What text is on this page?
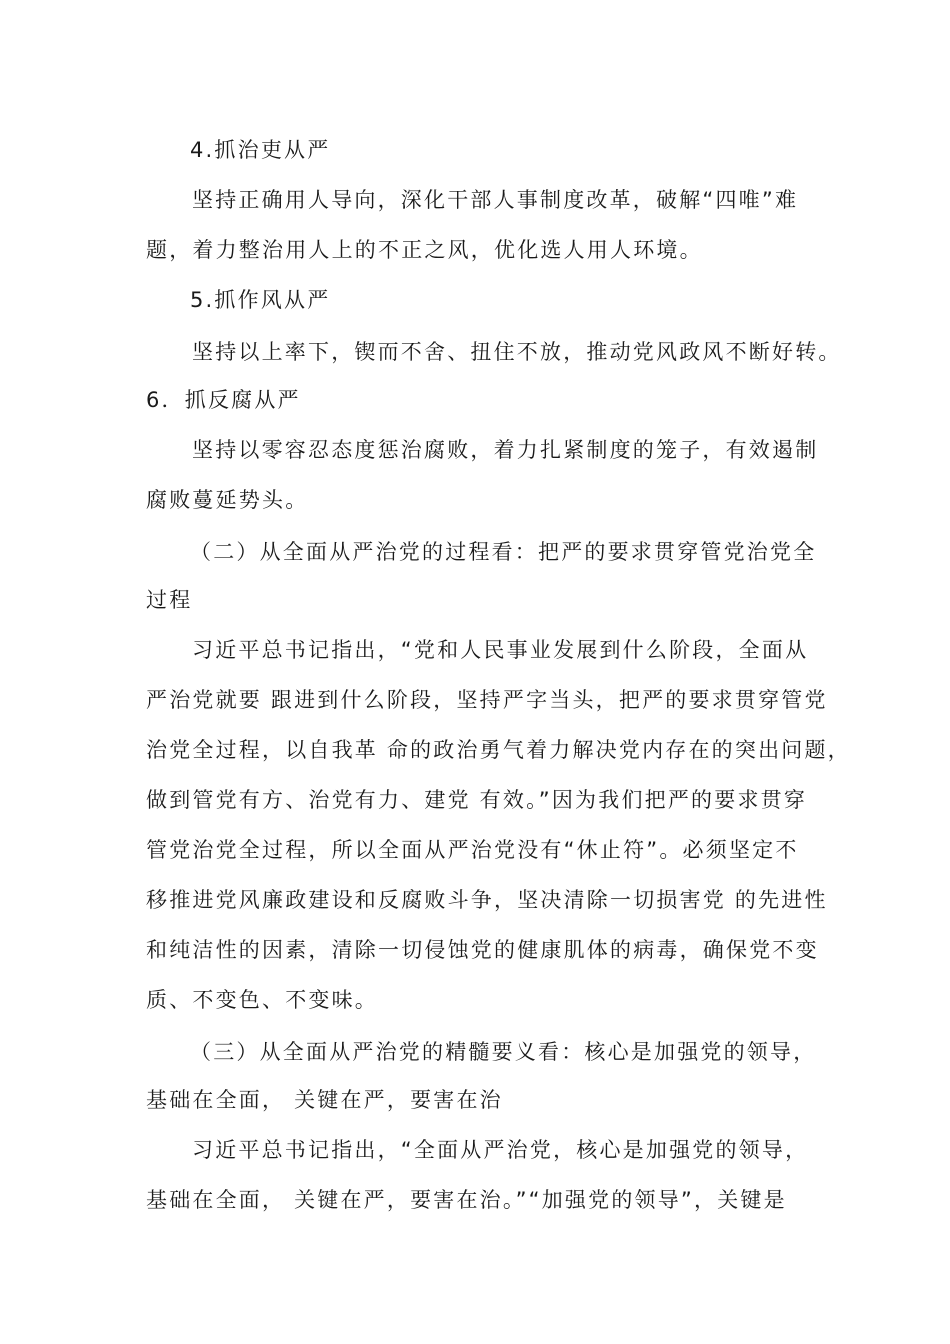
4.抓治吏从严

坚持正确用人导向，深化干部人事制度改革，破解“四唯”难

题，着力整治用人上的不正之风，优化选人用人环境。

5.抓作风从严

坚持以上率下，锲而不舍、扭住不放，推动党风政风不断好转。

6．抓反腐从严

坚持以零容忍态度惩治腐败，着力扎紧制度的笼子，有效遏制

腐败蔓延势头。

（二）从全面从严治党的过程看：把严的要求贯穿管党治党全

过程

习近平总书记指出，“党和人民事业发展到什么阶段，全面从

严治党就要 跟进到什么阶段，坚持严字当头，把严的要求贯穿管党

治党全过程，以自我革 命的政治勇气着力解决党内存在的突出问题，

做到管党有方、治党有力、建党 有效。”因为我们把严的要求贯穿

管党治党全过程，所以全面从严治党没有“休止符”。必须坚定不

移推进党风廉政建设和反腐败斗争，坚决清除一切损害党 的先进性

和纯洁性的因素，清除一切侵蚀党的健康肌体的病毒，确保党不变

质、不变色、不变味。

（三）从全面从严治党的精髓要义看：核心是加强党的领导，

基础在全面， 关键在严，要害在治

习近平总书记指出，“全面从严治党，核心是加强党的领导，

基础在全面， 关键在严，要害在治。”“加强党的领导”，关键是
